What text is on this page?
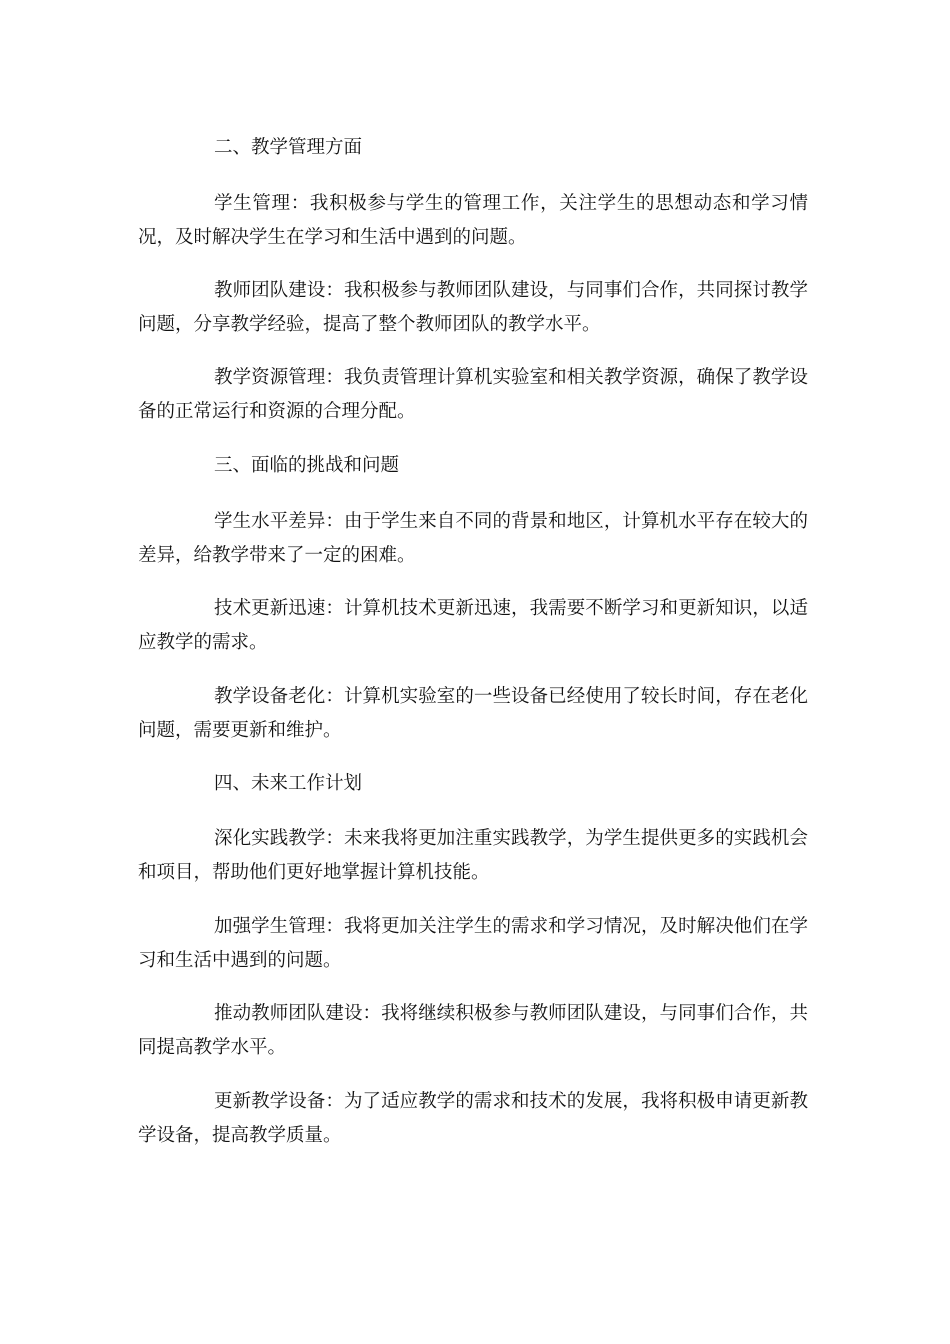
二、教学管理方面

学生管理：我积极参与学生的管理工作，关注学生的思想动态和学习情况，及时解决学生在学习和生活中遇到的问题。

教师团队建设：我积极参与教师团队建设，与同事们合作，共同探讨教学问题，分享教学经验，提高了整个教师团队的教学水平。

教学资源管理：我负责管理计算机实验室和相关教学资源，确保了教学设备的正常运行和资源的合理分配。

三、面临的挑战和问题

学生水平差异：由于学生来自不同的背景和地区，计算机水平存在较大的差异，给教学带来了一定的困难。

技术更新迅速：计算机技术更新迅速，我需要不断学习和更新知识，以适应教学的需求。

教学设备老化：计算机实验室的一些设备已经使用了较长时间，存在老化问题，需要更新和维护。

四、未来工作计划

深化实践教学：未来我将更加注重实践教学，为学生提供更多的实践机会和项目，帮助他们更好地掌握计算机技能。

加强学生管理：我将更加关注学生的需求和学习情况，及时解决他们在学习和生活中遇到的问题。

推动教师团队建设：我将继续积极参与教师团队建设，与同事们合作，共同提高教学水平。

更新教学设备：为了适应教学的需求和技术的发展，我将积极申请更新教学设备，提高教学质量。
